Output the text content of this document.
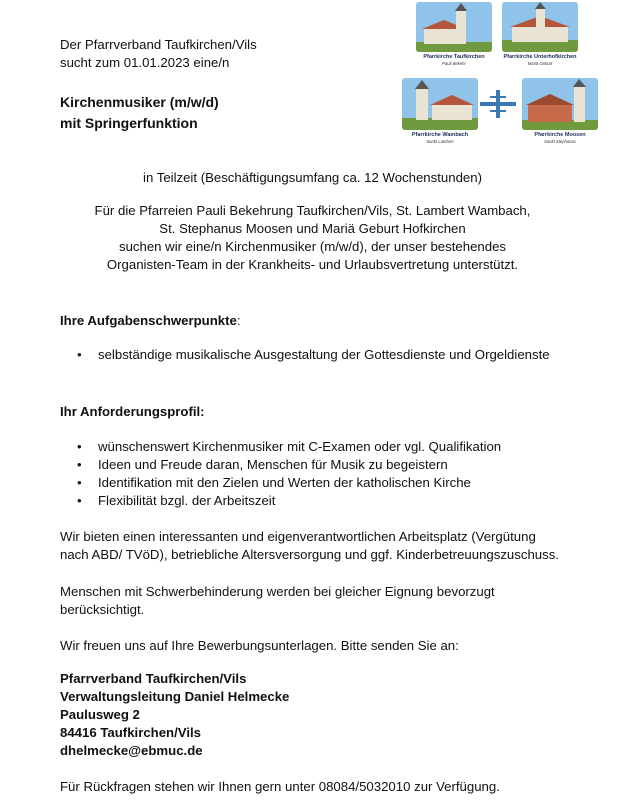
Der Pfarrverband Taufkirchen/Vils
sucht zum 01.01.2023 eine/n
Kirchenmusiker (m/w/d)
mit Springerfunktion
Pfarrkirche Taufkirchen
Pauli Bekehr
Pfarrkirche Unterhofkirchen
Mariä Geburt
Pfarrkirche Wambach
Sankt Lambert
Pfarrkirche Moosen
Sankt Stephanus
in Teilzeit (Beschäftigungsumfang ca. 12 Wochenstunden)
Für die Pfarreien Pauli Bekehrung Taufkirchen/Vils, St. Lambert Wambach,
St. Stephanus Moosen und Mariä Geburt Hofkirchen
suchen wir eine/n Kirchenmusiker (m/w/d), der unser bestehendes
Organisten-Team in der Krankheits- und Urlaubsvertretung unterstützt.
Ihre Aufgabenschwerpunkte:
• selbständige musikalische Ausgestaltung der Gottesdienste und Orgeldienste
Ihr Anforderungsprofil:
• wünschenswert Kirchenmusiker mit C-Examen oder vgl. Qualifikation
• Ideen und Freude daran, Menschen für Musik zu begeistern
• Identifikation mit den Zielen und Werten der katholischen Kirche
• Flexibilität bzgl. der Arbeitszeit
Wir bieten einen interessanten und eigenverantwortlichen Arbeitsplatz (Vergütung
nach ABD/ TVöD), betriebliche Altersversorgung und ggf. Kinderbetreuungszuschuss.
Menschen mit Schwerbehinderung werden bei gleicher Eignung bevorzugt
berücksichtigt.
Wir freuen uns auf Ihre Bewerbungsunterlagen. Bitte senden Sie an:
Pfarrverband Taufkirchen/Vils
Verwaltungsleitung Daniel Helmecke
Paulusweg 2
84416 Taufkirchen/Vils
dhelmecke@ebmuc.de
Für Rückfragen stehen wir Ihnen gern unter 08084/5032010 zur Verfügung.
